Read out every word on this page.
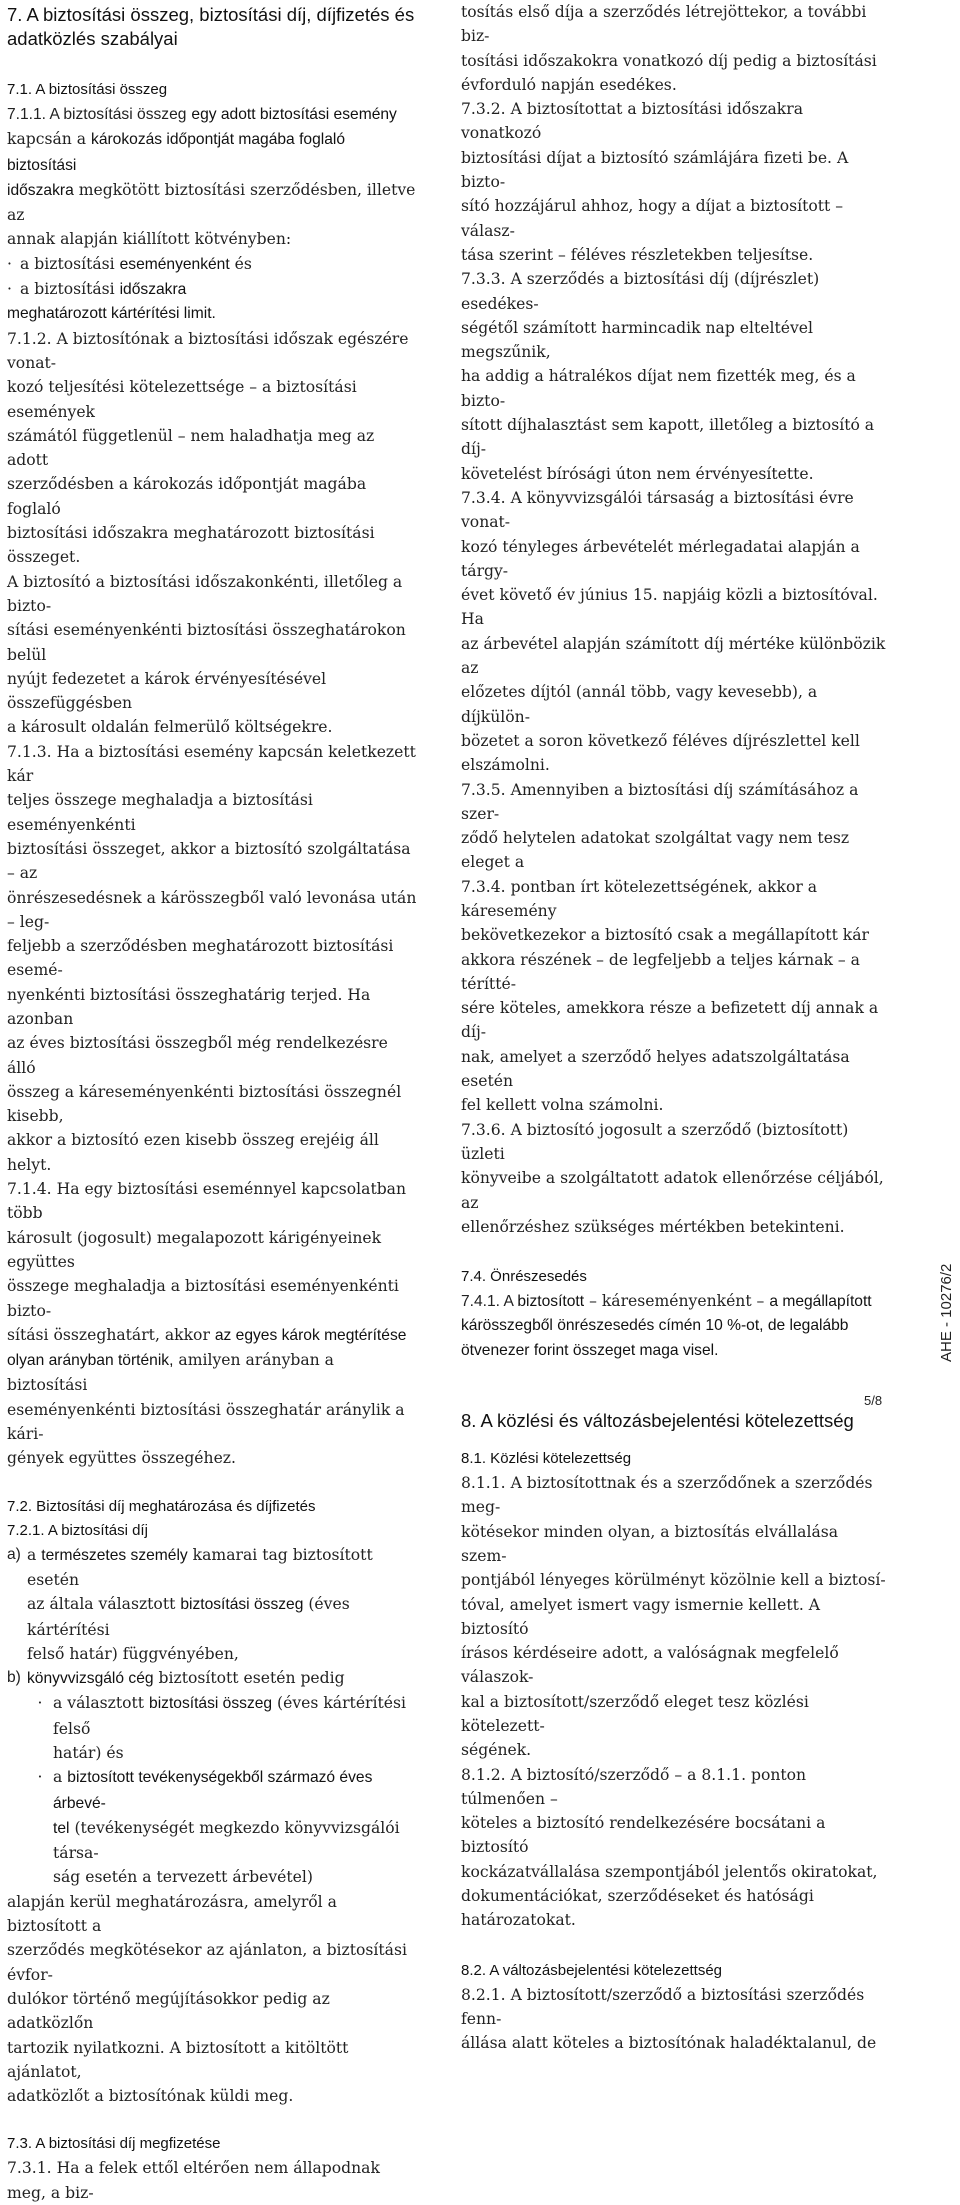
7. A biztosítási összeg, biztosítási díj, díjfizetés és
adatközlés szabályai
7.1. A biztosítási összeg
7.1.1. A biztosítási összeg egy adott biztosítási esemény
kapcsán a károkozás időpontját magába foglaló biztosítási
időszakra megkötött biztosítási szerződésben, illetve az
annak alapján kiállított kötvényben:
· a biztosítási eseményenként és
· a biztosítási időszakra
meghatározott kártérítési limit.
7.1.2. A biztosítónak a biztosítási időszak egészére vonat-
kozó teljesítési kötelezettsége – a biztosítási események
számától függetlenül – nem haladhatja meg az adott
szerződésben a károkozás időpontját magába foglaló
biztosítási időszakra meghatározott biztosítási összeget.
A biztosító a biztosítási időszakonkénti, illetőleg a bizto-
sítási eseményenkénti biztosítási összeghatárokon belül
nyújt fedezetet a károk érvényesítésével összefüggésben
a károsult oldalán felmerülő költségekre.
7.1.3. Ha a biztosítási esemény kapcsán keletkezett kár
teljes összege meghaladja a biztosítási eseményenkénti
biztosítási összeget, akkor a biztosító szolgáltatása – az
önrészesedésnek a kárösszegből való levonása után – leg-
feljebb a szerződésben meghatározott biztosítási esemé-
nyenkénti biztosítási összeghatárig terjed. Ha azonban
az éves biztosítási összegből még rendelkezésre álló
összeg a káreseményenkénti biztosítási összegnél kisebb,
akkor a biztosító ezen kisebb összeg erejéig áll helyt.
7.1.4. Ha egy biztosítási eseménnyel kapcsolatban több
károsult (jogosult) megalapozott kárigényeinek együttes
összege meghaladja a biztosítási eseményenkénti bizto-
sítási összeghatárt, akkor az egyes károk megtérítése
olyan arányban történik, amilyen arányban a biztosítási
eseményenkénti biztosítási összeghatár aránylik a kári-
gények együttes összegéhez.
7.2. Biztosítási díj meghatározása és díjfizetés
7.2.1. A biztosítási díj
a) a természetes személy kamarai tag biztosított esetén
az általa választott biztosítási összeg (éves kártérítési
felső határ) függvényében,
b) könyvvizsgáló cég biztosított esetén pedig
· a választott biztosítási összeg (éves kártérítési felső
határ) és
· a biztosított tevékenységekből származó éves árbevé-
tel (tevékenységét megkezdo könyvvizsgálói társa-
ság esetén a tervezett árbevétel)
alapján kerül meghatározásra, amelyről a biztosított a
szerződés megkötésekor az ajánlaton, a biztosítási évfor-
dulókor történő megújításokkor pedig az adatközlőn
tartozik nyilatkozni. A biztosított a kitöltött ajánlatot,
adatközlőt a biztosítónak küldi meg.
7.3. A biztosítási díj megfizetése
7.3.1. Ha a felek ettől eltérően nem állapodnak meg, a biz-
tosítás első díja a szerződés létrejöttekor, a további biz-
tosítási időszakokra vonatkozó díj pedig a biztosítási
évforduló napján esedékes.
7.3.2. A biztosítottat a biztosítási időszakra vonatkozó
biztosítási díjat a biztosító számlájára fizeti be. A bizto-
sító hozzájárul ahhoz, hogy a díjat a biztosított – válasz-
tása szerint – féléves részletekben teljesítse.
7.3.3. A szerződés a biztosítási díj (díjrészlet) esedékes-
ségétől számított harmincadik nap elteltével megszűnik,
ha addig a hátralékos díjat nem fizették meg, és a bizto-
sított díjhalasztást sem kapott, illetőleg a biztosító a díj-
követelést bírósági úton nem érvényesítette.
7.3.4. A könyvvizsgálói társaság a biztosítási évre vonat-
kozó tényleges árbevételét mérlegadatai alapján a tárgy-
évet követő év június 15. napjáig közli a biztosítóval. Ha
az árbevétel alapján számított díj mértéke különbözik az
előzetes díjtól (annál több, vagy kevesebb), a díjkülön-
bözetet a soron következő féléves díjrészlettel kell
elszámolni.
7.3.5. Amennyiben a biztosítási díj számításához a szer-
ződő helytelen adatokat szolgáltat vagy nem tesz eleget a
7.3.4. pontban írt kötelezettségének, akkor a káresemény
bekövetkezekor a biztosító csak a megállapított kár
akkora részének – de legfeljebb a teljes kárnak – a térítté-
sére köteles, amekkora része a befizetett díj annak a díj-
nak, amelyet a szerződő helyes adatszolgáltatása esetén
fel kellett volna számolni.
7.3.6. A biztosító jogosult a szerződő (biztosított) üzleti
könyveibe a szolgáltatott adatok ellenőrzése céljából, az
ellenőrzéshez szükséges mértékben betekinteni.
7.4. Önrészesedés
7.4.1. A biztosított – káreseményenként – a megállapított
kárösszegből önrészesedés címén 10 %-ot, de legalább
ötvenezer forint összeget maga visel.
8. A közlési és változásbejelentési kötelezettség
8.1. Közlési kötelezettség
8.1.1. A biztosítottnak és a szerződőnek a szerződés meg-
kötésekor minden olyan, a biztosítás elvállalása szem-
pontjából lényeges körülményt közölnie kell a biztosí-
tóval, amelyet ismert vagy ismernie kellett. A biztosító
írásos kérdéseire adott, a valóságnak megfelelő válaszok-
kal a biztosított/szerződő eleget tesz közlési kötelezett-
ségének.
8.1.2. A biztosító/szerződő – a 8.1.1. ponton túlmenően –
köteles a biztosító rendelkezésére bocsátani a biztosító
kockázatvállalása szempontjából jelentős okiratokat,
dokumentációkat, szerződéseket és hatósági
határozatokat.
8.2. A változásbejelentési kötelezettség
8.2.1. A biztosított/szerződő a biztosítási szerződés fenn-
állása alatt köteles a biztosítónak haladéktalanul, de
AHE - 10276/2
5/8
